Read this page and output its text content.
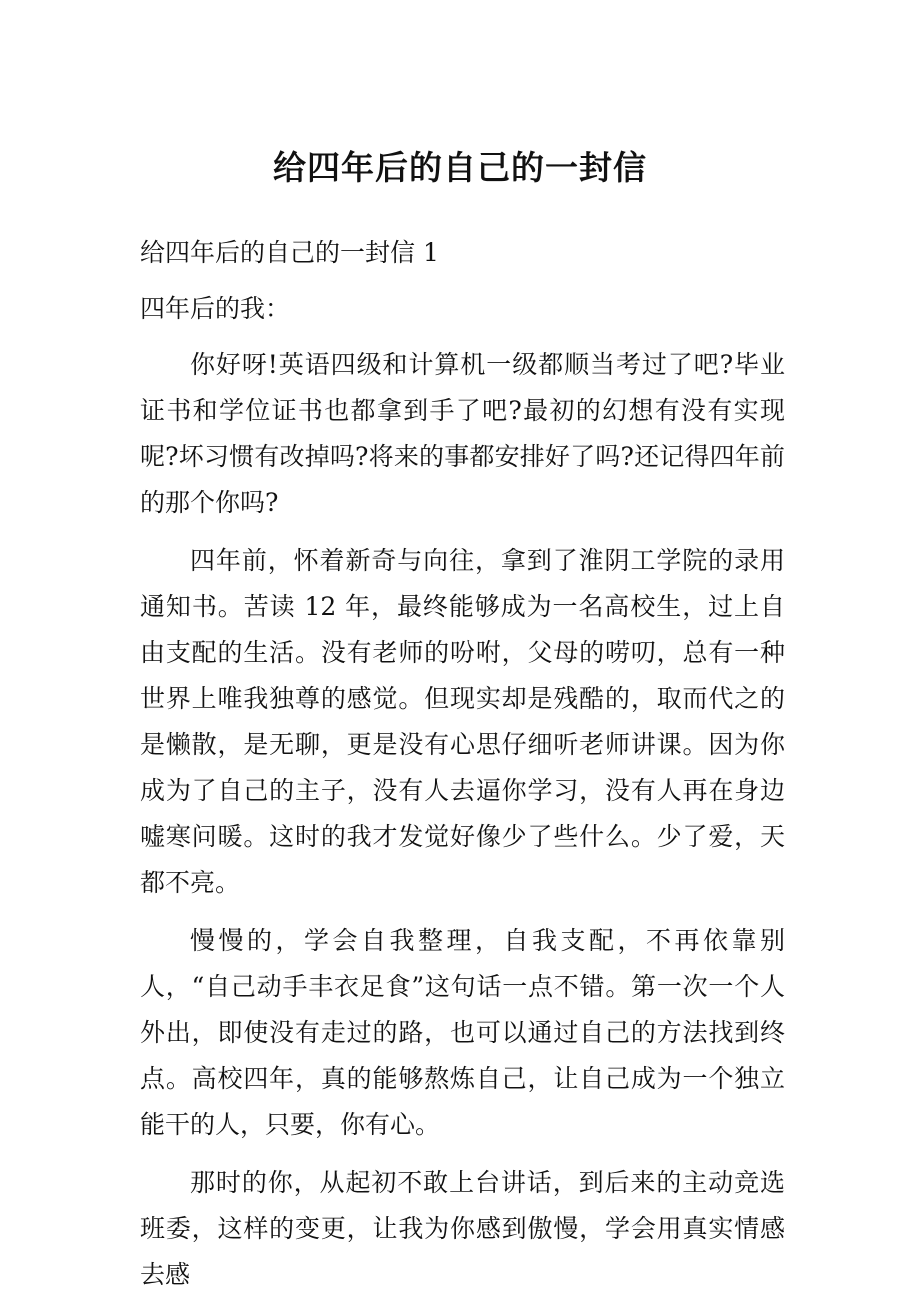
给四年后的自己的一封信

给四年后的自己的一封信 1

四年后的我：

你好呀!英语四级和计算机一级都顺当考过了吧?毕业证书和学位证书也都拿到手了吧?最初的幻想有没有实现呢?坏习惯有改掉吗?将来的事都安排好了吗?还记得四年前的那个你吗?

四年前，怀着新奇与向往，拿到了淮阴工学院的录用通知书。苦读 12 年，最终能够成为一名高校生，过上自由支配的生活。没有老师的吩咐，父母的唠叨，总有一种世界上唯我独尊的感觉。但现实却是残酷的，取而代之的是懒散，是无聊，更是没有心思仔细听老师讲课。因为你成为了自己的主子，没有人去逼你学习，没有人再在身边嘘寒问暖。这时的我才发觉好像少了些什么。少了爱，天都不亮。

慢慢的，学会自我整理，自我支配，不再依靠别人，“自己动手丰衣足食”这句话一点不错。第一次一个人外出，即使没有走过的路，也可以通过自己的方法找到终点。高校四年，真的能够熬炼自己，让自己成为一个独立能干的人，只要，你有心。

那时的你，从起初不敢上台讲话，到后来的主动竞选班委，这样的变更，让我为你感到傲慢，学会用真实情感去感
